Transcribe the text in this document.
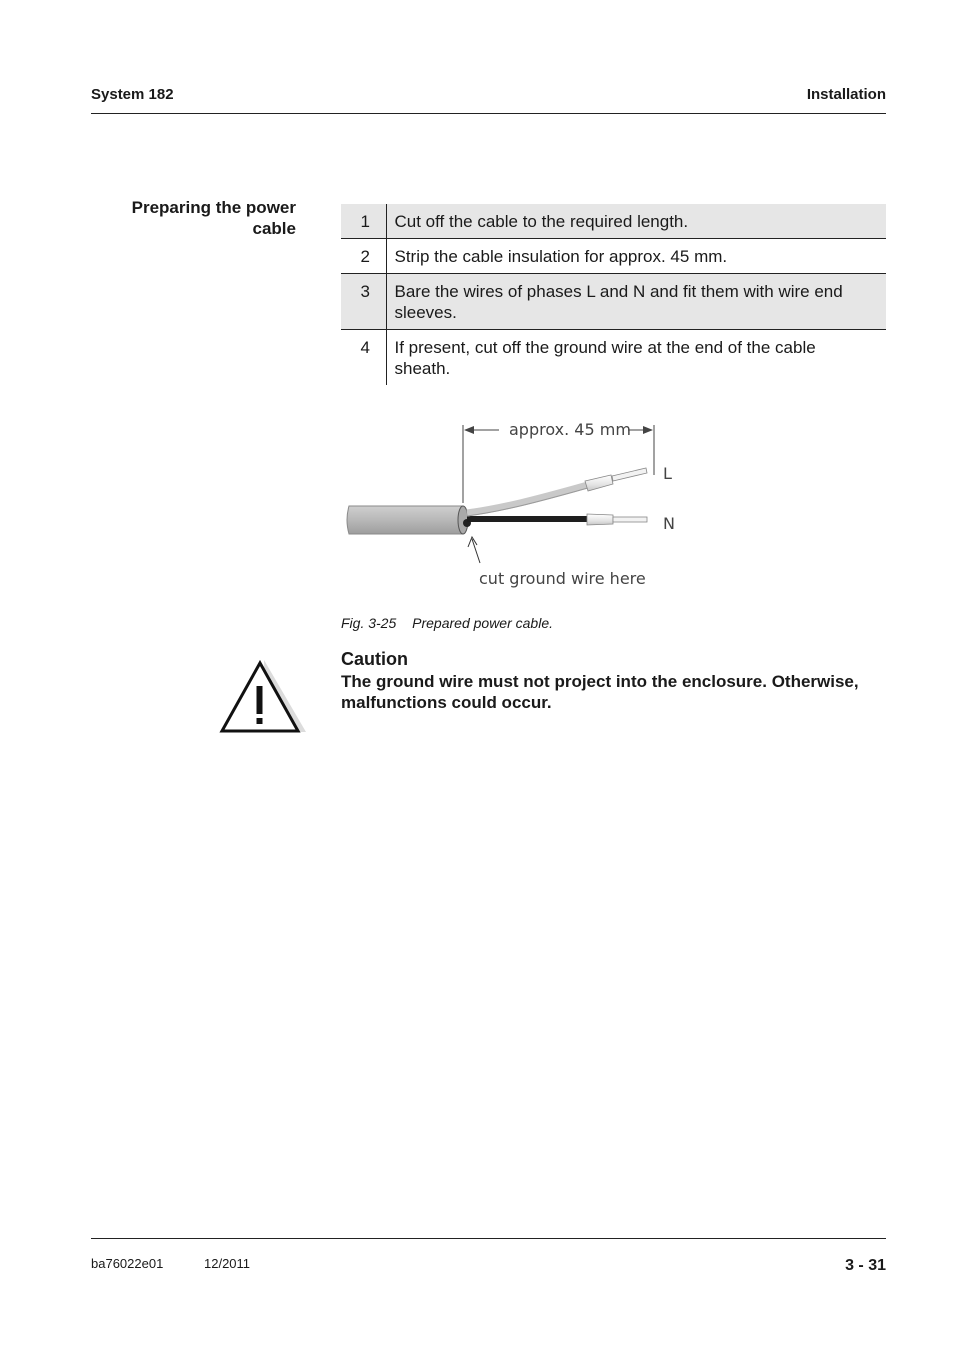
System 182	Installation
Preparing the power cable	1	Cut off the cable to the required length.
2	Strip the cable insulation for approx. 45 mm.
3	Bare the wires of phases L and N and fit them with wire end sleeves.
4	If present, cut off the ground wire at the end of the cable sheath.
approx. 45 mm
L
N
cut ground wire here
Fig. 3-25 Prepared power cable.
Caution
The ground wire must not project into the enclosure. Otherwise, malfunctions could occur.
ba76022e01	12/2011	3 - 31
